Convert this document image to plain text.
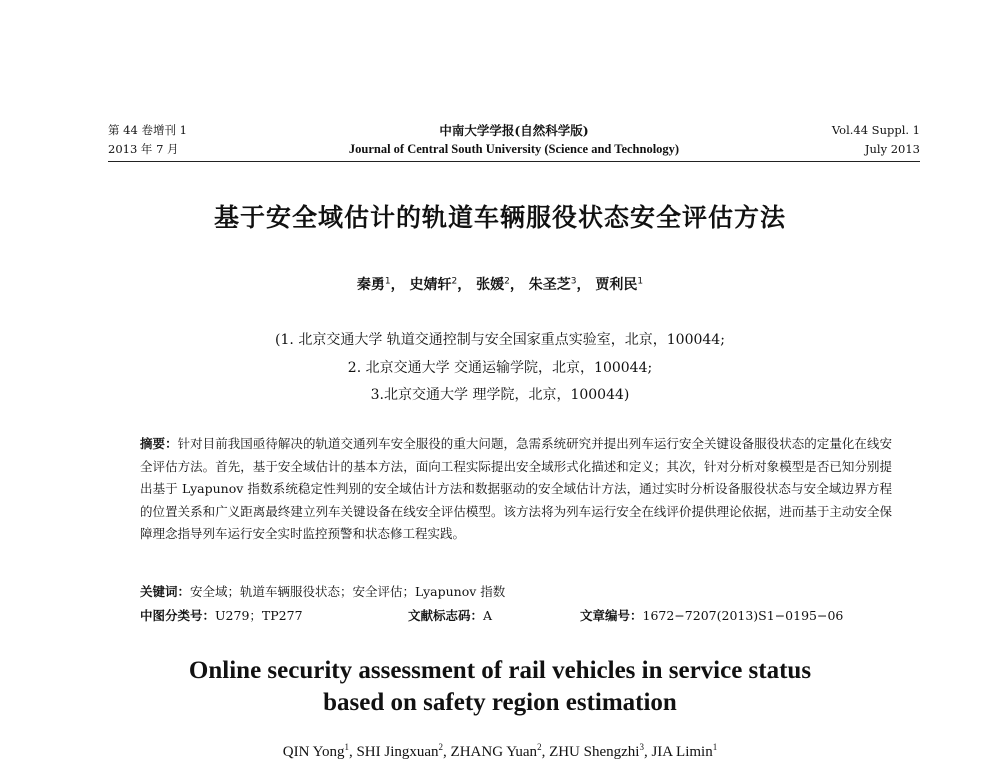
第 44 卷增刊 1
2013 年 7 月
中南大学学报(自然科学版)
Journal of Central South University (Science and Technology)
Vol.44 Suppl. 1
July 2013
基于安全域估计的轨道车辆服役状态安全评估方法
秦勇$^1$， 史婧轩$^2$， 张媛$^2$， 朱圣芝$^3$， 贾利民$^1$
(1. 北京交通大学 轨道交通控制与安全国家重点实验室，北京，100044;
2. 北京交通大学 交通运输学院，北京，100044;
3.北京交通大学 理学院，北京，100044)
摘要：针对目前我国亟待解决的轨道交通列车安全服役的重大问题，急需系统研究并提出列车运行安全关键设备服役状态的定量化在线安全评估方法。首先，基于安全域估计的基本方法，面向工程实际提出安全域形式化描述和定义；其次，针对分析对象模型是否已知分别提出基于 Lyapunov 指数系统稳定性判别的安全域估计方法和数据驱动的安全域估计方法，通过实时分析设备服役状态与安全域边界方程的位置关系和广义距离最终建立列车关键设备在线安全评估模型。该方法将为列车运行安全在线评价提供理论依据，进而基于主动安全保障理念指导列车运行安全实时监控预警和状态修工程实践。
关键词：安全域；轨道车辆服役状态；安全评估；Lyapunov 指数
中图分类号：U279；TP277	文献标志码：A	文章编号：1672−7207(2013)S1−0195−06
Online security assessment of rail vehicles in service status
based on safety region estimation
QIN Yong$^1$, SHI Jingxuan$^2$, ZHANG Yuan$^2$, ZHU Shengzhi$^3$, JIA Limin$^1$
